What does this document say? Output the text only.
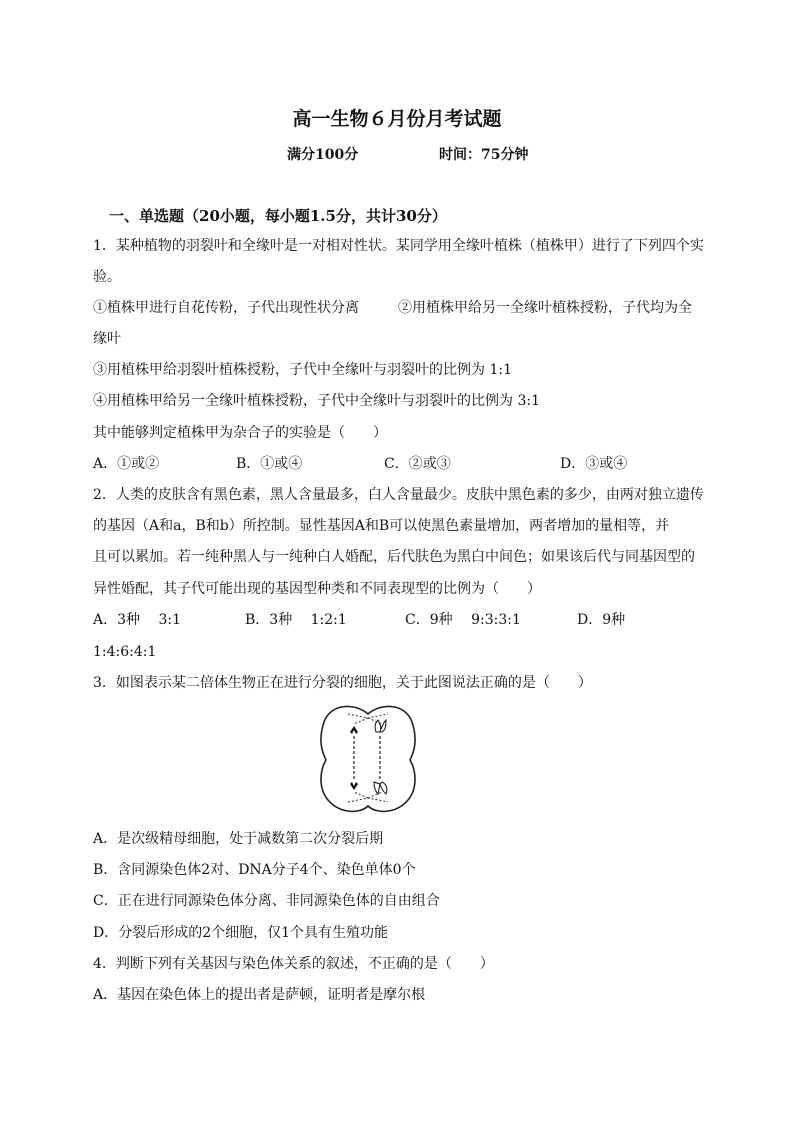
高一生物６月份月考试题
满分100分	时间：75分钟
一、单选题（20小题，每小题1.5分，共计30分）
1．某种植物的羽裂叶和全缘叶是一对相对性状。某同学用全缘叶植株（植株甲）进行了下列四个实
验。
①植株甲进行自花传粉，子代出现性状分离	②用植株甲给另一全缘叶植株授粉，子代均为全
缘叶
③用植株甲给羽裂叶植株授粉，子代中全缘叶与羽裂叶的比例为 1:1
④用植株甲给另一全缘叶植株授粉，子代中全缘叶与羽裂叶的比例为 3:1
其中能够判定植株甲为杂合子的实验是（　　）
A．①或②	B．①或④	C．②或③	D．③或④
2．人类的皮肤含有黑色素，黑人含量最多，白人含量最少。皮肤中黑色素的多少，由两对独立遗传
的基因（A和a，B和b）所控制。显性基因A和B可以使黑色素量增加，两者增加的量相等，并
且可以累加。若一纯种黑人与一纯种白人婚配，后代肤色为黑白中间色；如果该后代与同基因型的
异性婚配，其子代可能出现的基因型种类和不同表现型的比例为（　　）
A．3种　 3:1	B．3种　 1:2:1	C．9种　 9:3:3:1	D．9种
1:4:6:4:1
3．如图表示某二倍体生物正在进行分裂的细胞，关于此图说法正确的是（　　）
A．是次级精母细胞，处于减数第二次分裂后期
B．含同源染色体2对、DNA分子4个、染色单体0个
C．正在进行同源染色体分离、非同源染色体的自由组合
D．分裂后形成的2个细胞，仅1个具有生殖功能
4．判断下列有关基因与染色体关系的叙述，不正确的是（　　）
A．基因在染色体上的提出者是萨顿，证明者是摩尔根
